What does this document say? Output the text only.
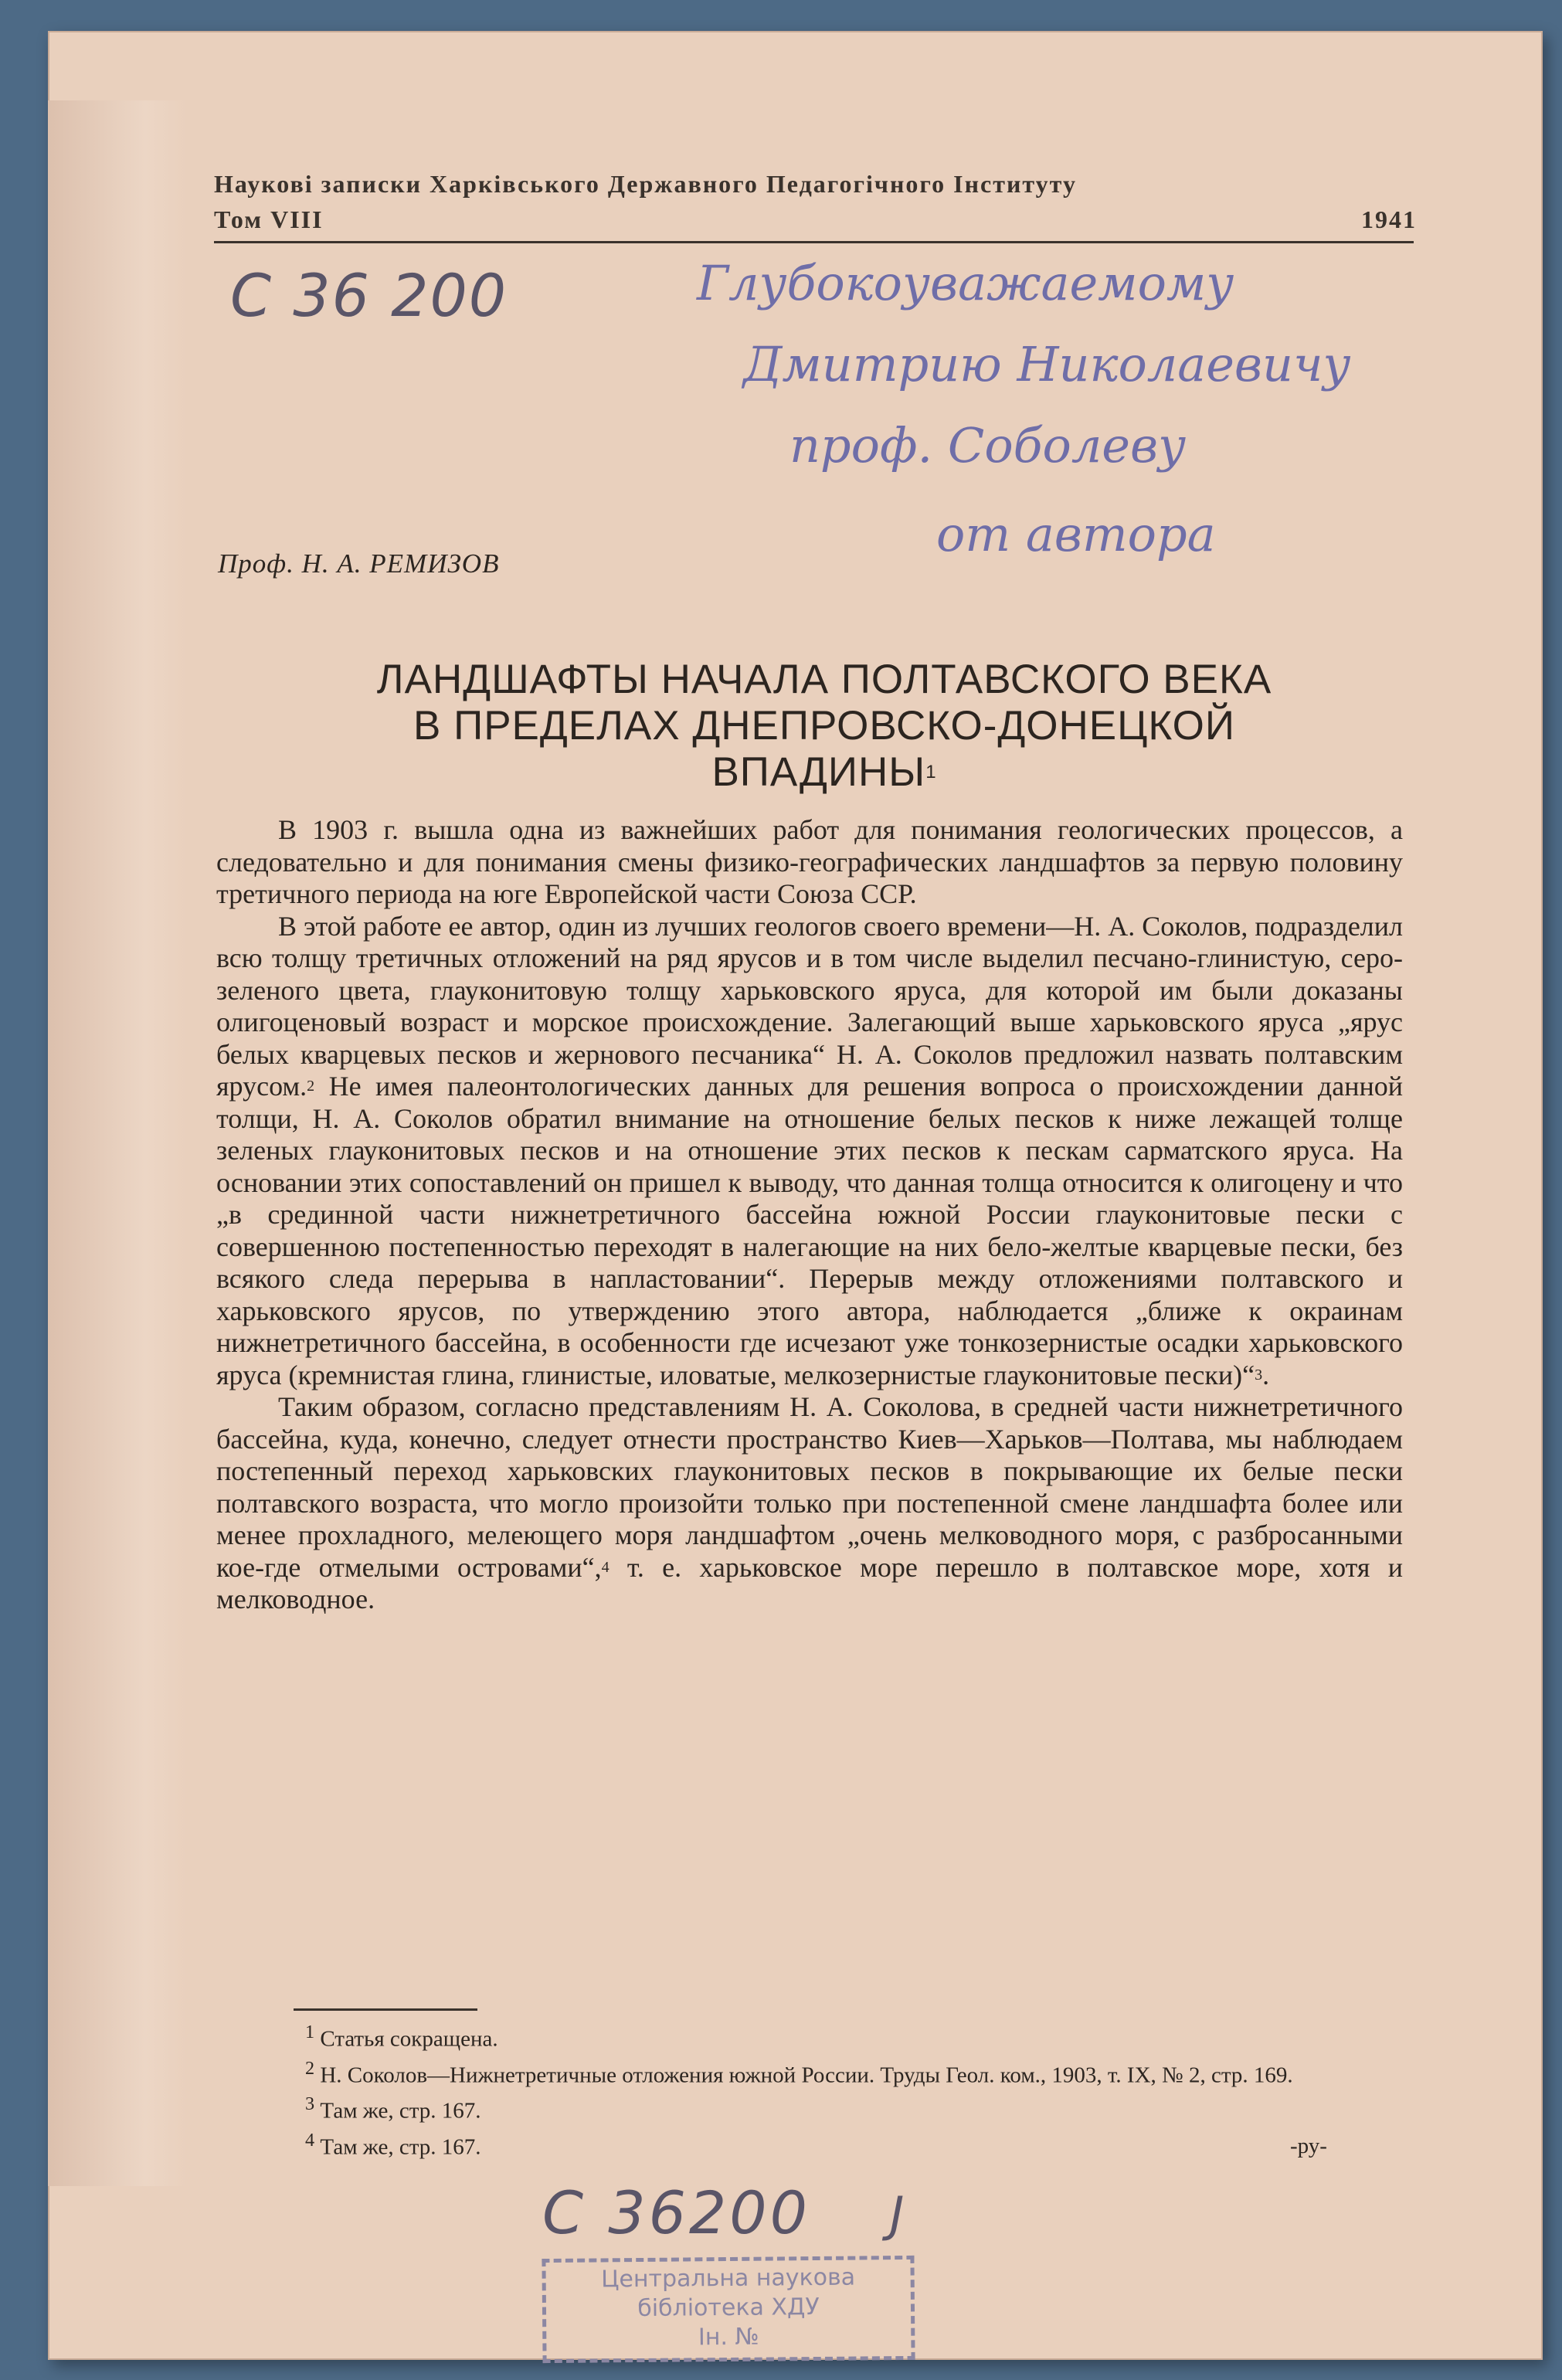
Наукові записки Харківського Державного Педагогічного Інституту
Том VIII	1941
С 36 200	Глубокоуважаемому
Дмитрию Николаевичу
проф. Соболеву
от автора
Проф. Н. А. РЕМИЗОВ
ЛАНДШАФТЫ НАЧАЛА ПОЛТАВСКОГО ВЕКА
В ПРЕДЕЛАХ ДНЕПРОВСКО-ДОНЕЦКОЙ
ВПАДИНЫ$^1$

В 1903 г. вышла одна из важнейших работ для понимания геологических процессов, а следовательно и для понимания смены физико-географических ландшафтов за первую половину третичного периода на юге Европейской части Союза ССР.

В этой работе ее автор, один из лучших геологов своего времени—Н. А. Соколов, подразделил всю толщу третичных отложений на ряд ярусов и в том числе выделил песчано-глинистую, серо-зеленого цвета, глауконитовую толщу харьковского яруса, для которой им были доказаны олигоценовый возраст и морское происхождение. Залегающий выше харьковского яруса „ярус белых кварцевых песков и жернового песчаника“ Н. А. Соколов предложил назвать полтавским ярусом.$^2$ Не имея палеонтологических данных для решения вопроса о происхождении данной толщи, Н. А. Соколов обратил внимание на отношение белых песков к ниже лежащей толще зеленых глауконитовых песков и на отношение этих песков к пескам сарматского яруса. На основании этих сопоставлений он пришел к выводу, что данная толща относится к олигоцену и что „в срединной части нижнетретичного бассейна южной России глауконитовые пески с совершенною постепенностью переходят в налегающие на них бело-желтые кварцевые пески, без всякого следа перерыва в напластовании“. Перерыв между отложениями полтавского и харьковского ярусов, по утверждению этого автора, наблюдается „ближе к окраинам нижнетретичного бассейна, в особенности где исчезают уже тонкозернистые осадки харьковского яруса (кремнистая глина, глинистые, иловатые, мелкозернистые глауконитовые пески)“$^3$.

Таким образом, согласно представлениям Н. А. Соколова, в средней части нижнетретичного бассейна, куда, конечно, следует отнести пространство Киев—Харьков—Полтава, мы наблюдаем постепенный переход харьковских глауконитовых песков в покрывающие их белые пески полтавского возраста, что могло произойти только при постепенной смене ландшафта более или менее прохладного, мелеющего моря ландшафтом „очень мелководного моря, с разбросанными кое-где отмелыми островами“,$^4$ т. е. харьковское море перешло в полтавское море, хотя и мелководное.

$^1$ Статья сокращена.
$^2$ Н. Соколов—Нижнетретичные отложения южной России. Труды Геол. ком., 1903, т. IX, № 2, стр. 169.
$^3$ Там же, стр. 167.
$^4$ Там же, стр. 167.	-ру-
С 36200 J
Центральна наукова
бібліотека ХДУ
Ін. №
